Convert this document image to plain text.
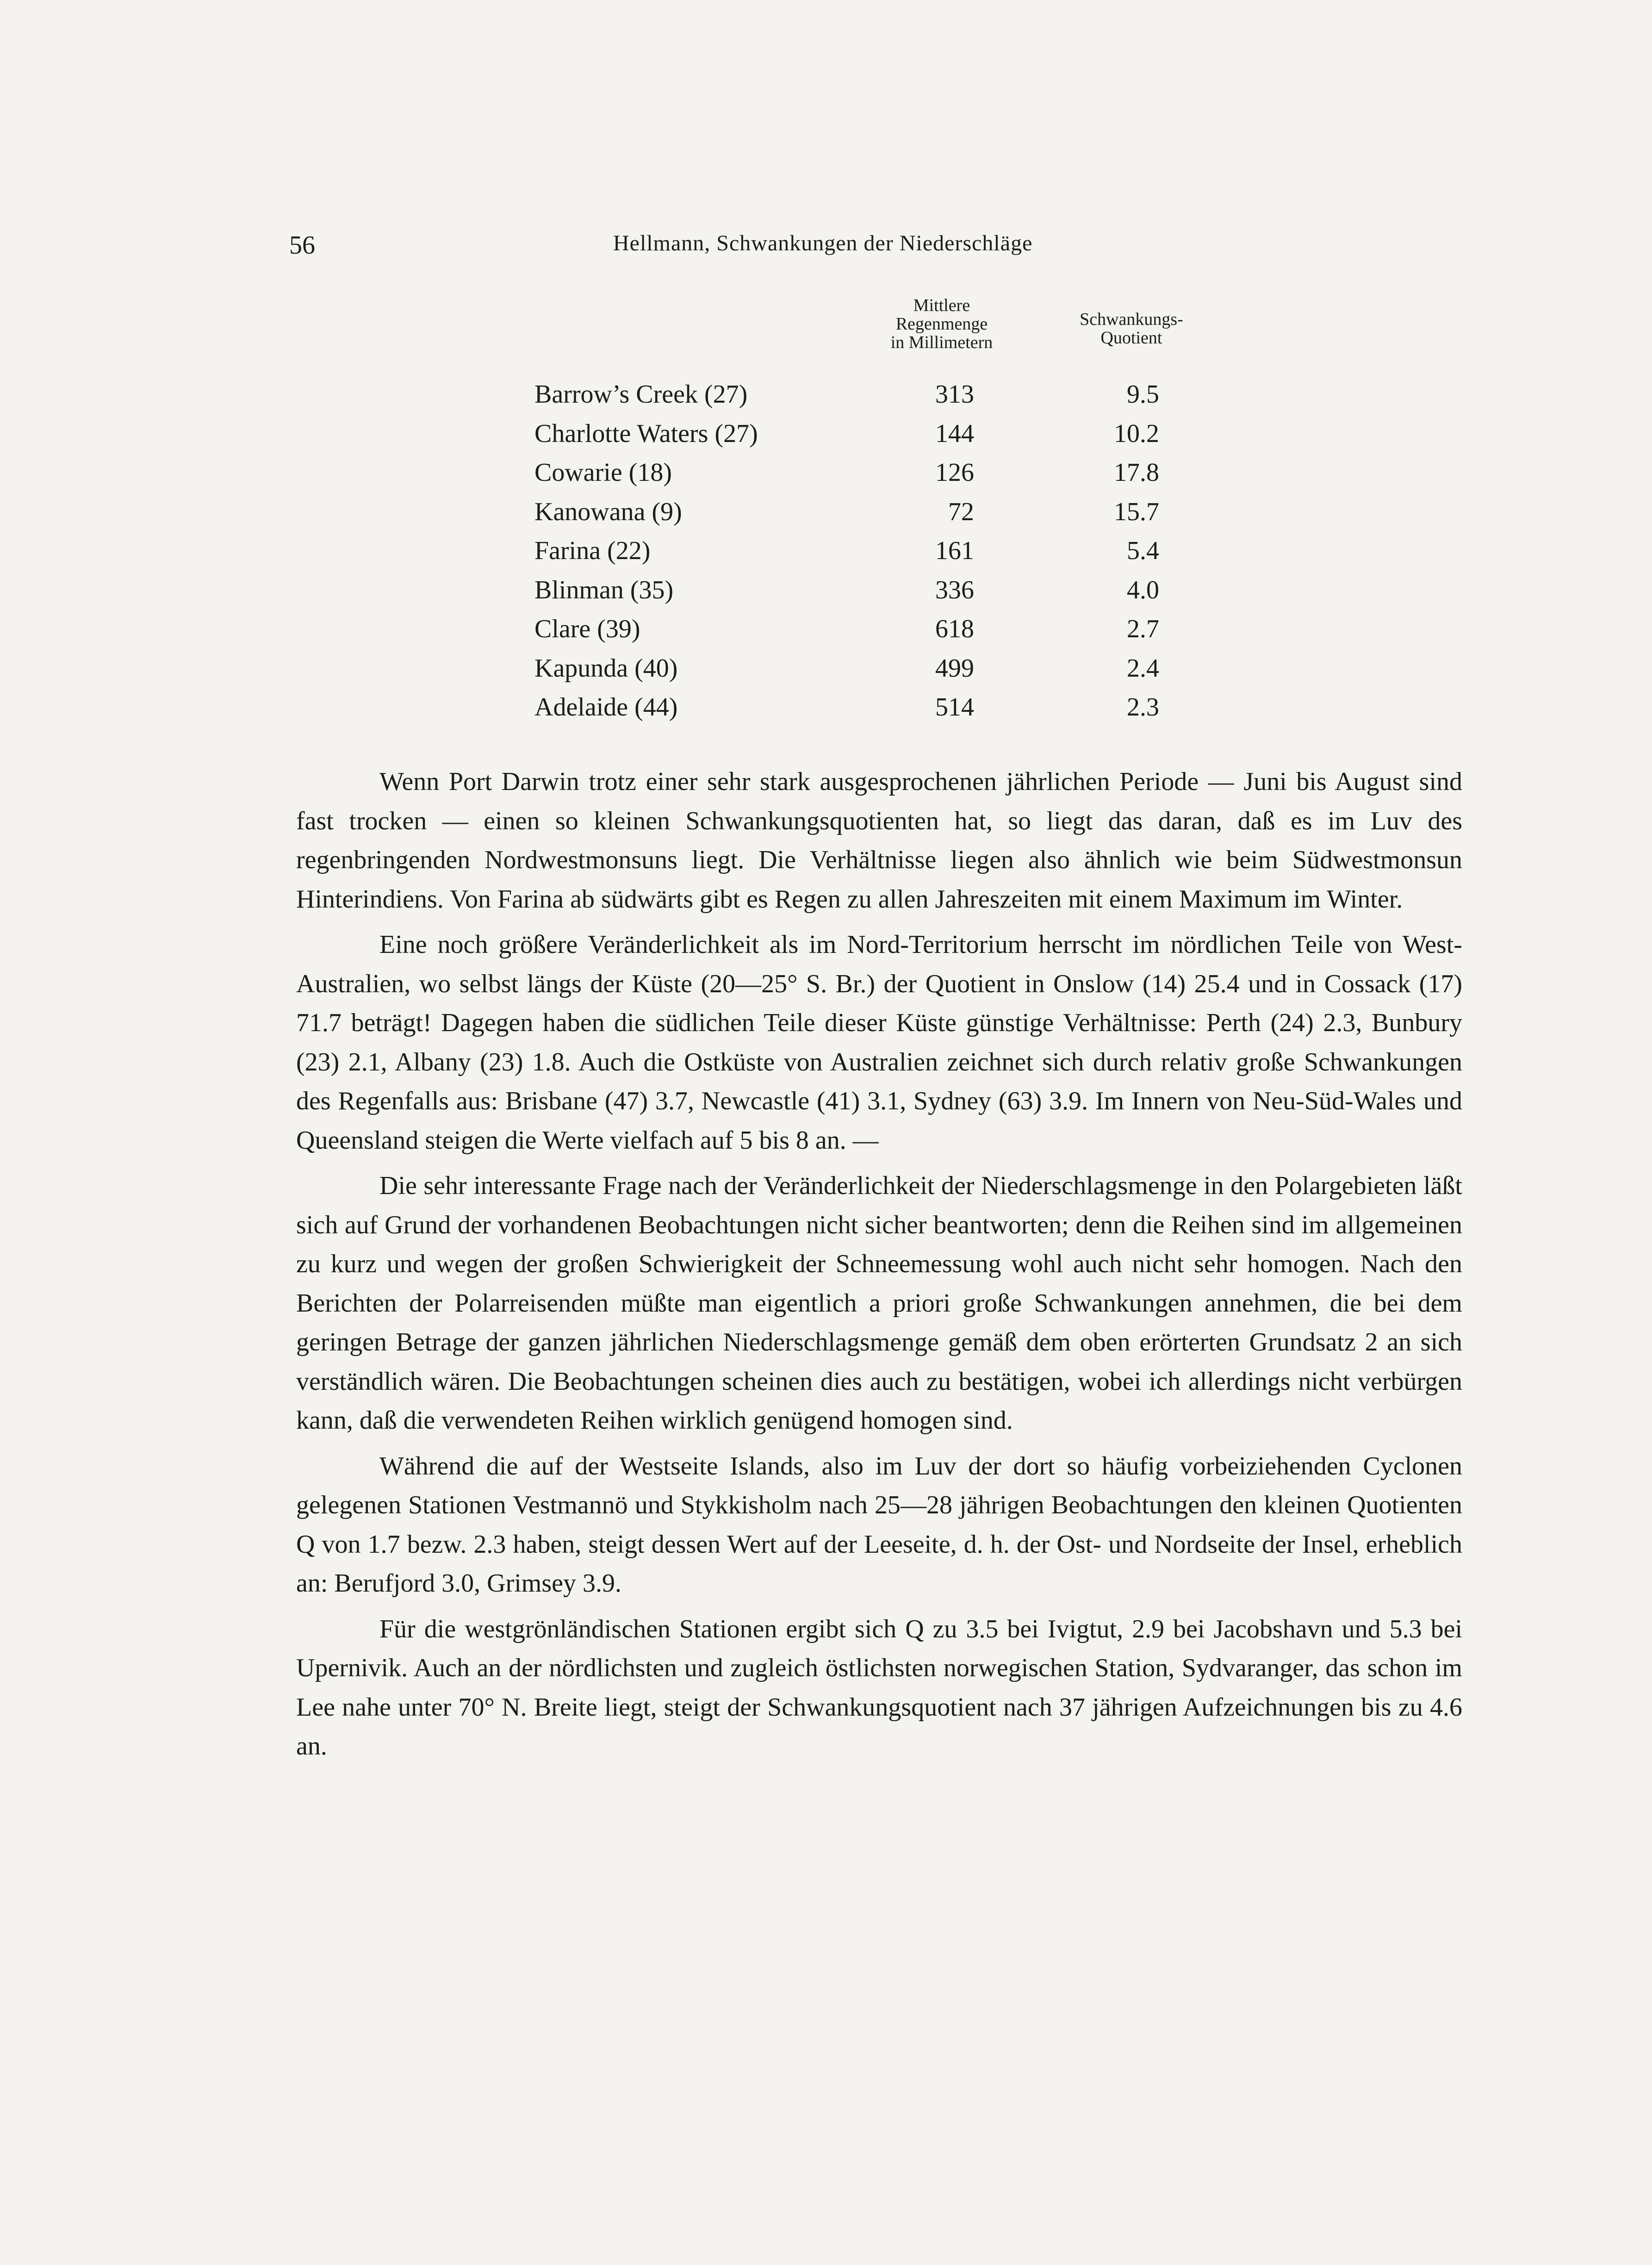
56	Hellmann, Schwankungen der Niederschläge
Mittlere
Regenmenge
in Millimetern
Schwankungs-
Quotient
Barrow’s Creek (27)	313	9.5
Charlotte Waters (27)	144	10.2
Cowarie (18)	126	17.8
Kanowana (9)	72	15.7
Farina (22)	161	5.4
Blinman (35)	336	4.0
Clare (39)	618	2.7
Kapunda (40)	499	2.4
Adelaide (44)	514	2.3

Wenn Port Darwin trotz einer sehr stark ausgesprochenen jährlichen Periode — Juni bis August sind fast trocken — einen so kleinen Schwankungsquotienten hat, so liegt das daran, daß es im Luv des regenbringenden Nordwestmonsuns liegt. Die Verhältnisse liegen also ähnlich wie beim Südwestmonsun Hinterindiens. Von Farina ab südwärts gibt es Regen zu allen Jahreszeiten mit einem Maximum im Winter.

Eine noch größere Veränderlichkeit als im Nord-Territorium herrscht im nördlichen Teile von West-Australien, wo selbst längs der Küste (20—25° S. Br.) der Quotient in Onslow (14) 25.4 und in Cossack (17) 71.7 beträgt! Dagegen haben die südlichen Teile dieser Küste günstige Verhältnisse: Perth (24) 2.3, Bunbury (23) 2.1, Albany (23) 1.8. Auch die Ostküste von Australien zeichnet sich durch relativ große Schwankungen des Regenfalls aus: Brisbane (47) 3.7, Newcastle (41) 3.1, Sydney (63) 3.9. Im Innern von Neu-Süd-Wales und Queensland steigen die Werte vielfach auf 5 bis 8 an. —

Die sehr interessante Frage nach der Veränderlichkeit der Niederschlagsmenge in den Polargebieten läßt sich auf Grund der vorhandenen Beobachtungen nicht sicher beantworten; denn die Reihen sind im allgemeinen zu kurz und wegen der großen Schwierigkeit der Schneemessung wohl auch nicht sehr homogen. Nach den Berichten der Polarreisenden müßte man eigentlich a priori große Schwankungen annehmen, die bei dem geringen Betrage der ganzen jährlichen Niederschlagsmenge gemäß dem oben erörterten Grundsatz 2 an sich verständlich wären. Die Beobachtungen scheinen dies auch zu bestätigen, wobei ich allerdings nicht verbürgen kann, daß die verwendeten Reihen wirklich genügend homogen sind.

Während die auf der Westseite Islands, also im Luv der dort so häufig vorbeiziehenden Cyclonen gelegenen Stationen Vestmannö und Stykkisholm nach 25—28 jährigen Beobachtungen den kleinen Quotienten Q von 1.7 bezw. 2.3 haben, steigt dessen Wert auf der Leeseite, d. h. der Ost- und Nordseite der Insel, erheblich an: Berufjord 3.0, Grimsey 3.9.

Für die westgrönländischen Stationen ergibt sich Q zu 3.5 bei Ivigtut, 2.9 bei Jacobshavn und 5.3 bei Upernivik. Auch an der nördlichsten und zugleich östlichsten norwegischen Station, Sydvaranger, das schon im Lee nahe unter 70° N. Breite liegt, steigt der Schwankungsquotient nach 37 jährigen Aufzeichnungen bis zu 4.6 an.
